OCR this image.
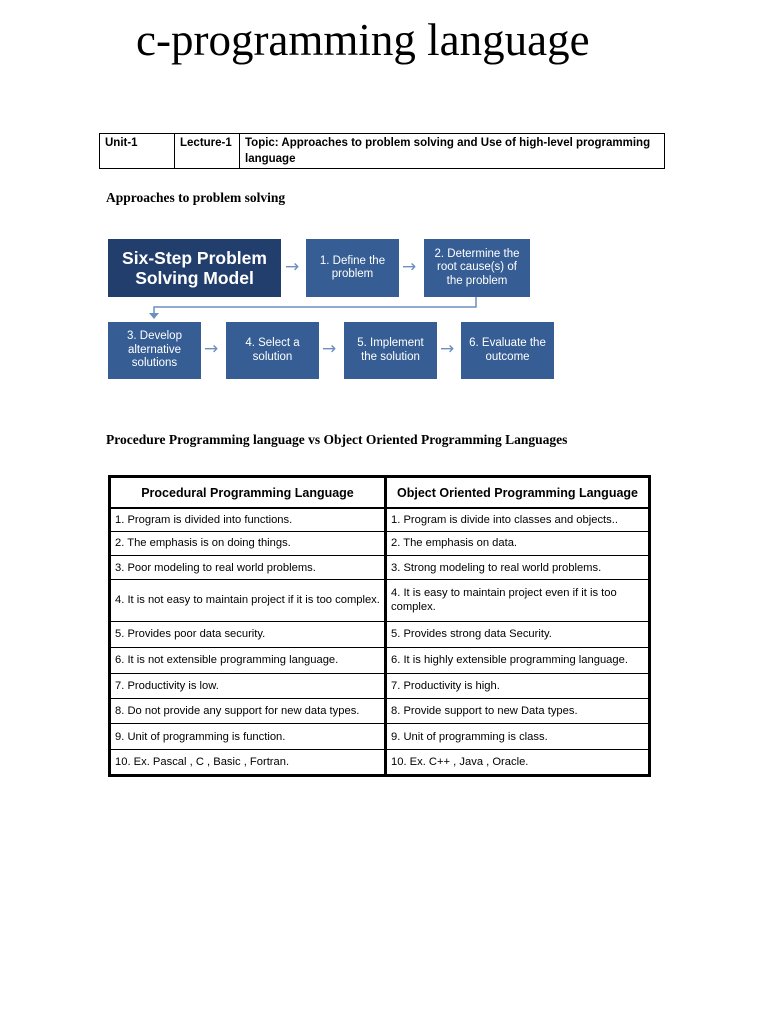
c-programming language
Unit-1	Lecture-1	Topic: Approaches to problem solving and Use of high-level programming language
Approaches to problem solving
Six-Step Problem
Solving Model
→	1. Define the
problem	→
2. Determine the
root cause(s) of
the problem
3. Develop
alternative
solutions
→	4. Select a
solution	→	5. Implement
the solution	→	6. Evaluate the
outcome
Procedure Programming language vs Object Oriented Programming Languages
Procedural Programming Language	Object Oriented Programming Language
1. Program is divided into functions.	1. Program is divide into classes and objects..
2. The emphasis is on doing things.	2. The emphasis on data.
3. Poor modeling to real world problems.	3. Strong modeling to real world problems.
4. It is not easy to maintain project if it is too complex.	4. It is easy to maintain project even if it is too complex.
5. Provides poor data security.	5. Provides strong data Security.
6. It is not extensible programming language.	6. It is highly extensible programming language.
7. Productivity is low.	7. Productivity is high.
8. Do not provide any support for new data types.	8. Provide support to new Data types.
9. Unit of programming is function.	9. Unit of programming is class.
10. Ex. Pascal , C , Basic , Fortran.	10. Ex. C++ , Java , Oracle.
